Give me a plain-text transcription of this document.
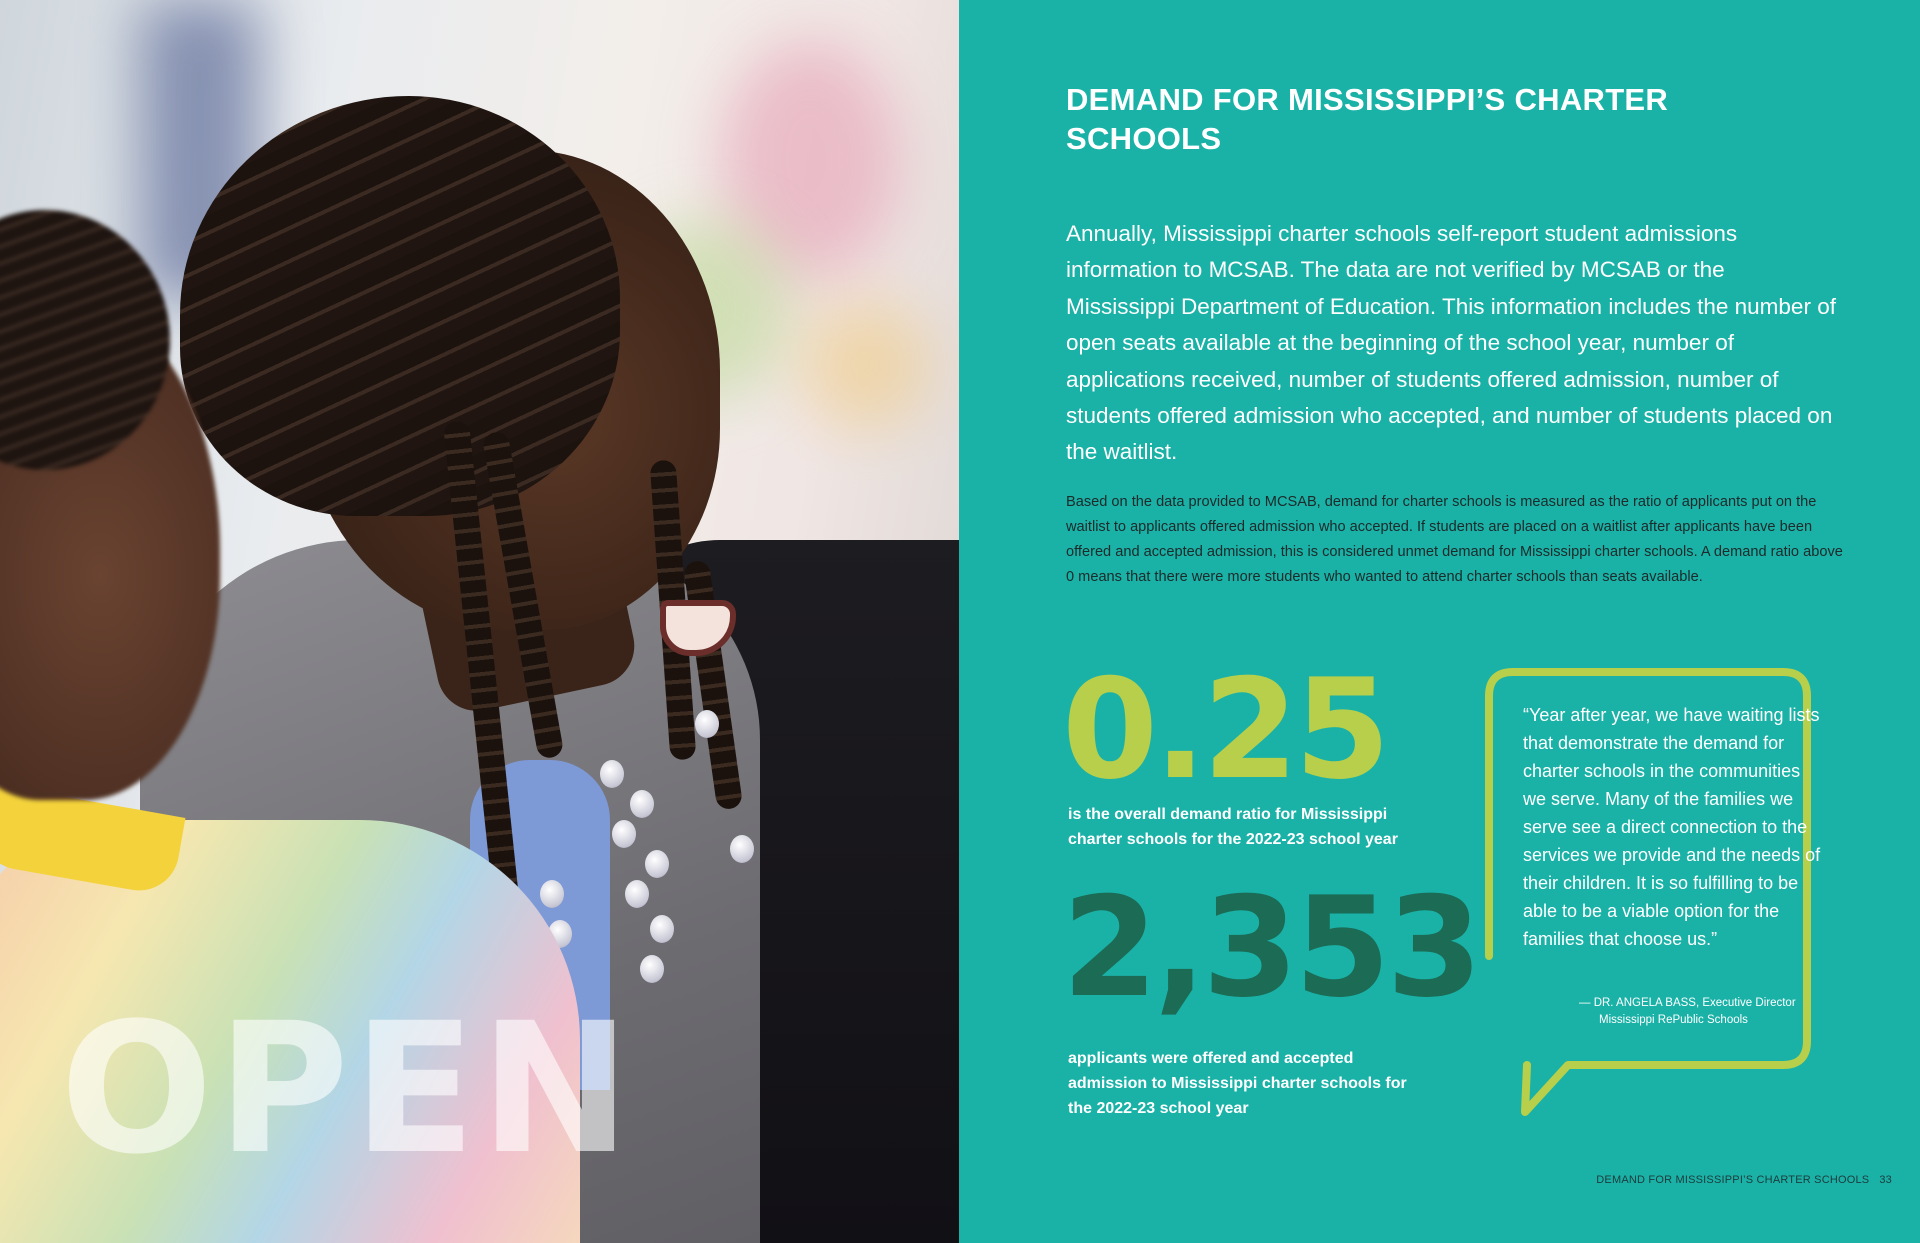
OPEN
DEMAND FOR MISSISSIPPI’S CHARTER SCHOOLS

Annually, Mississippi charter schools self-report student admissions information to MCSAB. The data are not verified by MCSAB or the Mississippi Department of Education. This information includes the number of open seats available at the beginning of the school year, number of applications received, number of students offered admission, number of students offered admission who accepted, and number of students placed on the waitlist.

Based on the data provided to MCSAB, demand for charter schools is measured as the ratio of applicants put on the waitlist to applicants offered admission who accepted. If students are placed on a waitlist after applicants have been offered and accepted admission, this is considered unmet demand for Mississippi charter schools. A demand ratio above 0 means that there were more students who wanted to attend charter schools than seats available.

0.25

is the overall demand ratio for Mississippi charter schools for the 2022-23 school year

2,353

applicants were offered and accepted admission to Mississippi charter schools for the 2022-23 school year

“Year after year, we have waiting lists that demonstrate the demand for charter schools in the communities we serve. Many of the families we serve see a direct connection to the services we provide and the needs of their children. It is so fulfilling to be able to be a viable option for the families that choose us.”

— DR. ANGELA BASS, Executive Director
Mississippi RePublic Schools

DEMAND FOR MISSISSIPPI’S CHARTER SCHOOLS 33
